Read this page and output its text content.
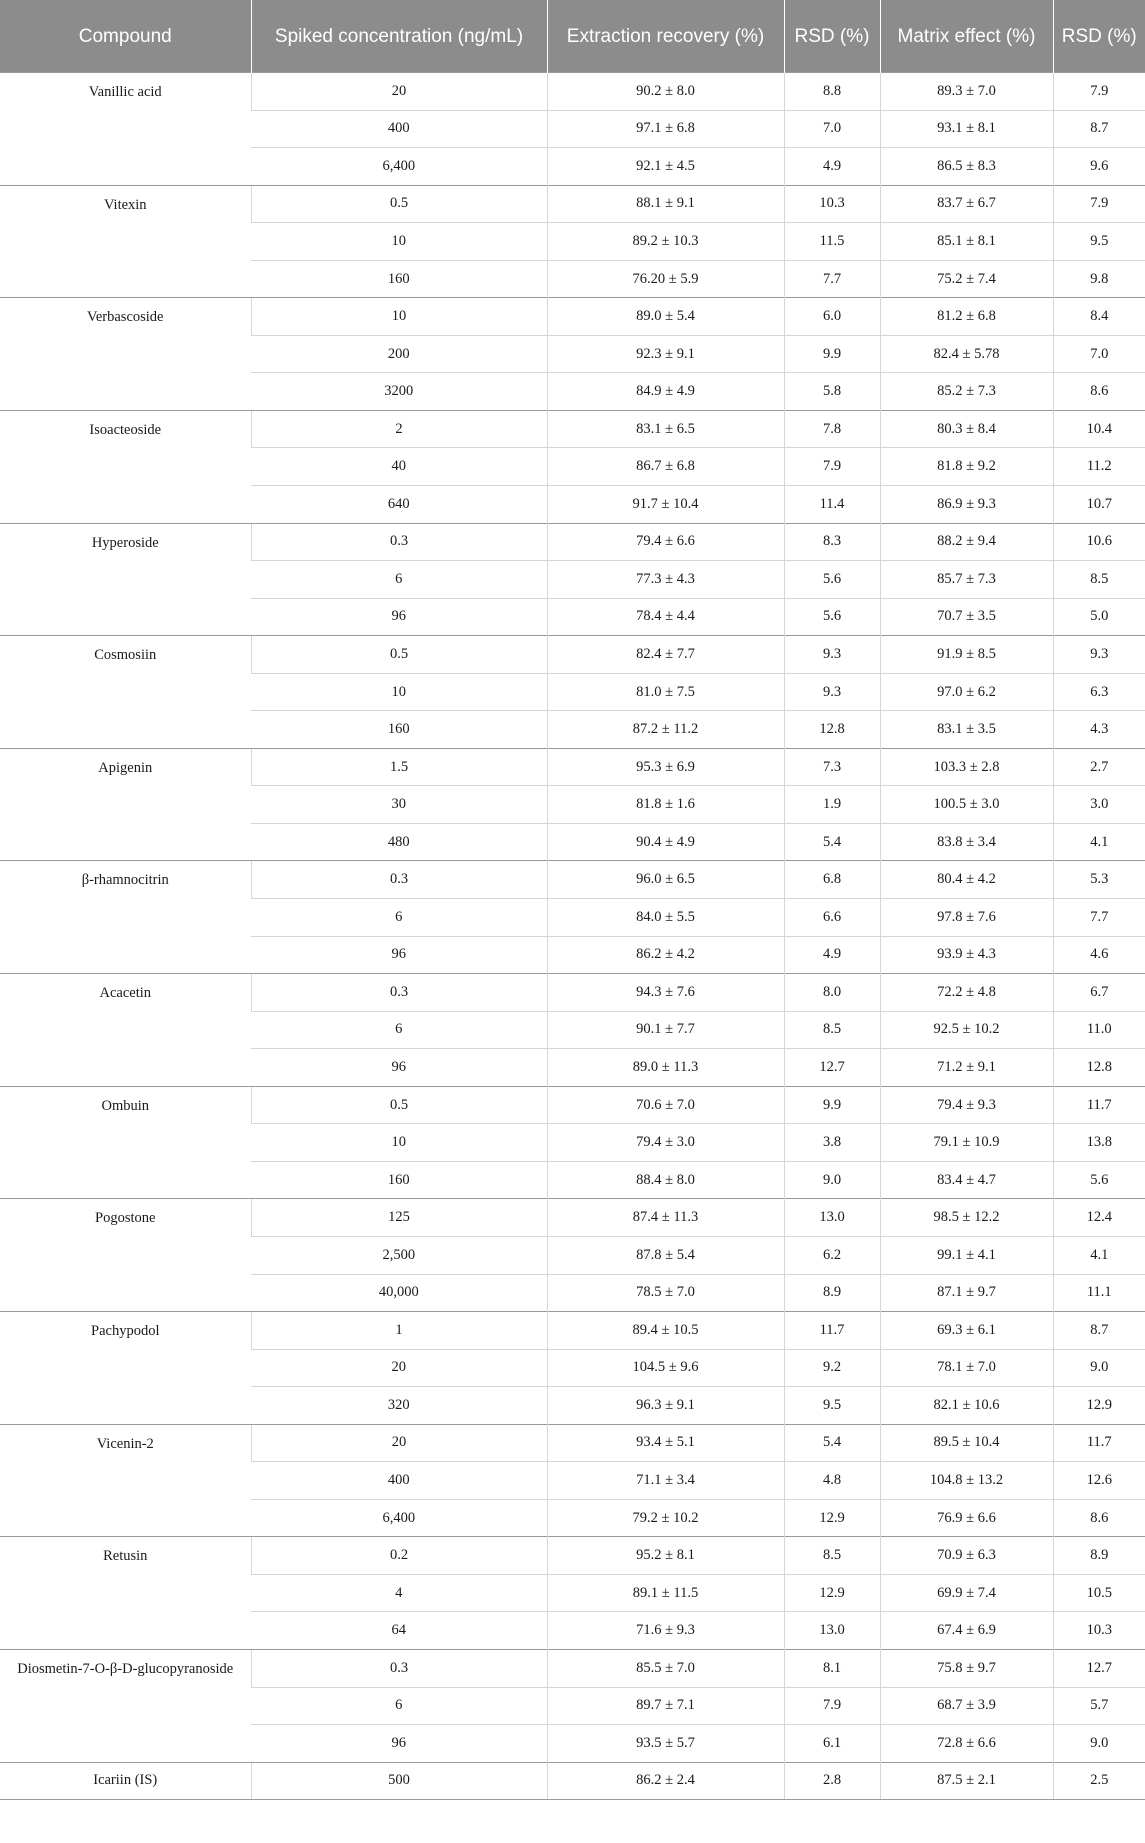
Compound	Spiked concentration (ng/mL)	Extraction recovery (%)	RSD (%)	Matrix effect (%)	RSD (%)
Vanillic acid	20	90.2 ± 8.0	8.8	89.3 ± 7.0	7.9
	400	97.1 ± 6.8	7.0	93.1 ± 8.1	8.7
	6,400	92.1 ± 4.5	4.9	86.5 ± 8.3	9.6
Vitexin	0.5	88.1 ± 9.1	10.3	83.7 ± 6.7	7.9
	10	89.2 ± 10.3	11.5	85.1 ± 8.1	9.5
	160	76.20 ± 5.9	7.7	75.2 ± 7.4	9.8
Verbascoside	10	89.0 ± 5.4	6.0	81.2 ± 6.8	8.4
	200	92.3 ± 9.1	9.9	82.4 ± 5.78	7.0
	3200	84.9 ± 4.9	5.8	85.2 ± 7.3	8.6
Isoacteoside	2	83.1 ± 6.5	7.8	80.3 ± 8.4	10.4
	40	86.7 ± 6.8	7.9	81.8 ± 9.2	11.2
	640	91.7 ± 10.4	11.4	86.9 ± 9.3	10.7
Hyperoside	0.3	79.4 ± 6.6	8.3	88.2 ± 9.4	10.6
	6	77.3 ± 4.3	5.6	85.7 ± 7.3	8.5
	96	78.4 ± 4.4	5.6	70.7 ± 3.5	5.0
Cosmosiin	0.5	82.4 ± 7.7	9.3	91.9 ± 8.5	9.3
	10	81.0 ± 7.5	9.3	97.0 ± 6.2	6.3
	160	87.2 ± 11.2	12.8	83.1 ± 3.5	4.3
Apigenin	1.5	95.3 ± 6.9	7.3	103.3 ± 2.8	2.7
	30	81.8 ± 1.6	1.9	100.5 ± 3.0	3.0
	480	90.4 ± 4.9	5.4	83.8 ± 3.4	4.1
β-rhamnocitrin	0.3	96.0 ± 6.5	6.8	80.4 ± 4.2	5.3
	6	84.0 ± 5.5	6.6	97.8 ± 7.6	7.7
	96	86.2 ± 4.2	4.9	93.9 ± 4.3	4.6
Acacetin	0.3	94.3 ± 7.6	8.0	72.2 ± 4.8	6.7
	6	90.1 ± 7.7	8.5	92.5 ± 10.2	11.0
	96	89.0 ± 11.3	12.7	71.2 ± 9.1	12.8
Ombuin	0.5	70.6 ± 7.0	9.9	79.4 ± 9.3	11.7
	10	79.4 ± 3.0	3.8	79.1 ± 10.9	13.8
	160	88.4 ± 8.0	9.0	83.4 ± 4.7	5.6
Pogostone	125	87.4 ± 11.3	13.0	98.5 ± 12.2	12.4
	2,500	87.8 ± 5.4	6.2	99.1 ± 4.1	4.1
	40,000	78.5 ± 7.0	8.9	87.1 ± 9.7	11.1
Pachypodol	1	89.4 ± 10.5	11.7	69.3 ± 6.1	8.7
	20	104.5 ± 9.6	9.2	78.1 ± 7.0	9.0
	320	96.3 ± 9.1	9.5	82.1 ± 10.6	12.9
Vicenin-2	20	93.4 ± 5.1	5.4	89.5 ± 10.4	11.7
	400	71.1 ± 3.4	4.8	104.8 ± 13.2	12.6
	6,400	79.2 ± 10.2	12.9	76.9 ± 6.6	8.6
Retusin	0.2	95.2 ± 8.1	8.5	70.9 ± 6.3	8.9
	4	89.1 ± 11.5	12.9	69.9 ± 7.4	10.5
	64	71.6 ± 9.3	13.0	67.4 ± 6.9	10.3
Diosmetin-7-O-β-D-glucopyranoside	0.3	85.5 ± 7.0	8.1	75.8 ± 9.7	12.7
	6	89.7 ± 7.1	7.9	68.7 ± 3.9	5.7
	96	93.5 ± 5.7	6.1	72.8 ± 6.6	9.0
Icariin (IS)	500	86.2 ± 2.4	2.8	87.5 ± 2.1	2.5
